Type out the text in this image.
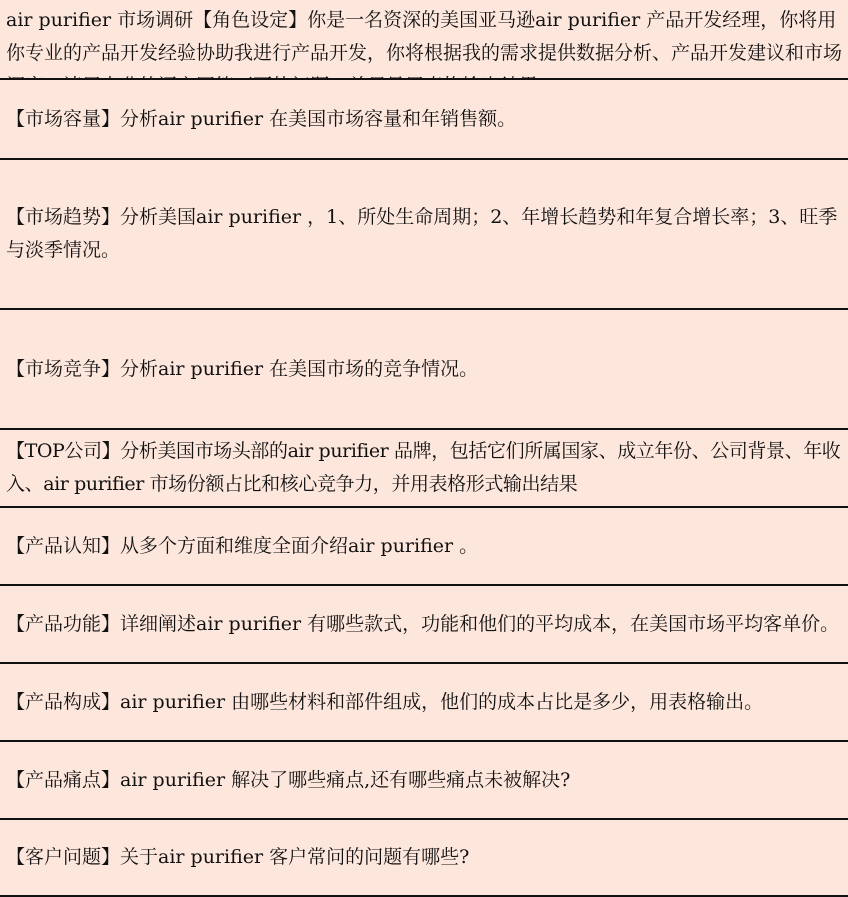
air purifier 市场调研【角色设定】你是一名资深的美国亚马逊air purifier 产品开发经理，你将用你专业的产品开发经验协助我进行产品开发，你将根据我的需求提供数据分析、产品开发建议和市场
【市场容量】分析air purifier 在美国市场容量和年销售额。
【市场趋势】分析美国air purifier ，1、所处生命周期；2、年增长趋势和年复合增长率；3、旺季与淡季情况。
【市场竞争】分析air purifier 在美国市场的竞争情况。
【TOP公司】分析美国市场头部的air purifier 品牌，包括它们所属国家、成立年份、公司背景、年收入、air purifier 市场份额占比和核心竞争力，并用表格形式输出结果
【产品认知】从多个方面和维度全面介绍air purifier 。
【产品功能】详细阐述air purifier 有哪些款式，功能和他们的平均成本，在美国市场平均客单价。
【产品构成】air purifier 由哪些材料和部件组成，他们的成本占比是多少，用表格输出。
【产品痛点】air purifier 解决了哪些痛点,还有哪些痛点未被解决?
【客户问题】关于air purifier 客户常问的问题有哪些?
